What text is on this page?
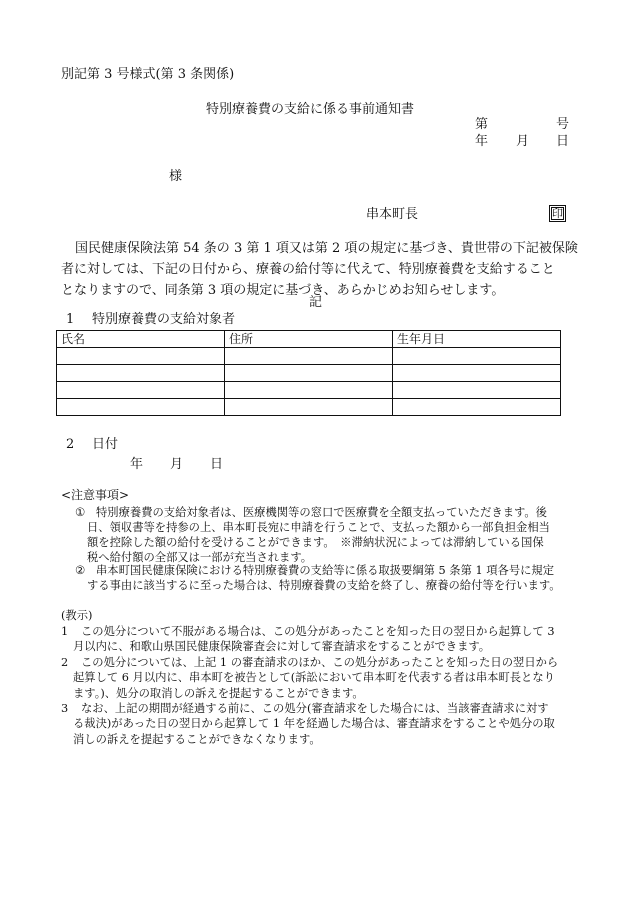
別記第 3 号様式(第 3 条関係)
特別療養費の支給に係る事前通知書
第	号
年 月 日
様
串本町長	印
国民健康保険法第 54 条の 3 第 1 項又は第 2 項の規定に基づき、貴世帯の下記被保険
者に対しては、下記の日付から、療養の給付等に代えて、特別療養費を支給すること
となりますので、同条第 3 項の規定に基づき、あらかじめお知らせします。
記
1 特別療養費の支給対象者
氏名	住所	生年月日

2 日付
年 月 日
<注意事項>
① 特別療養費の支給対象者は、医療機関等の窓口で医療費を全額支払っていただきます。後
日、領収書等を持参の上、串本町長宛に申請を行うことで、支払った額から一部負担金相当
額を控除した額の給付を受けることができます。　※滞納状況によっては滞納している国保
税へ給付額の全部又は一部が充当されます。
② 串本町国民健康保険における特別療養費の支給等に係る取扱要綱第 5 条第 1 項各号に規定
する事由に該当するに至った場合は、特別療養費の支給を終了し、療養の給付等を行います。
(教示)
1 この処分について不服がある場合は、この処分があったことを知った日の翌日から起算して 3
月以内に、和歌山県国民健康保険審査会に対して審査請求をすることができます。
2 この処分については、上記 1 の審査請求のほか、この処分があったことを知った日の翌日から
起算して 6 月以内に、串本町を被告として(訴訟において串本町を代表する者は串本町長となり
ます。)、処分の取消しの訴えを提起することができます。
3 なお、上記の期間が経過する前に、この処分(審査請求をした場合には、当該審査請求に対す
る裁決)があった日の翌日から起算して 1 年を経過した場合は、審査請求をすることや処分の取
消しの訴えを提起することができなくなります。
